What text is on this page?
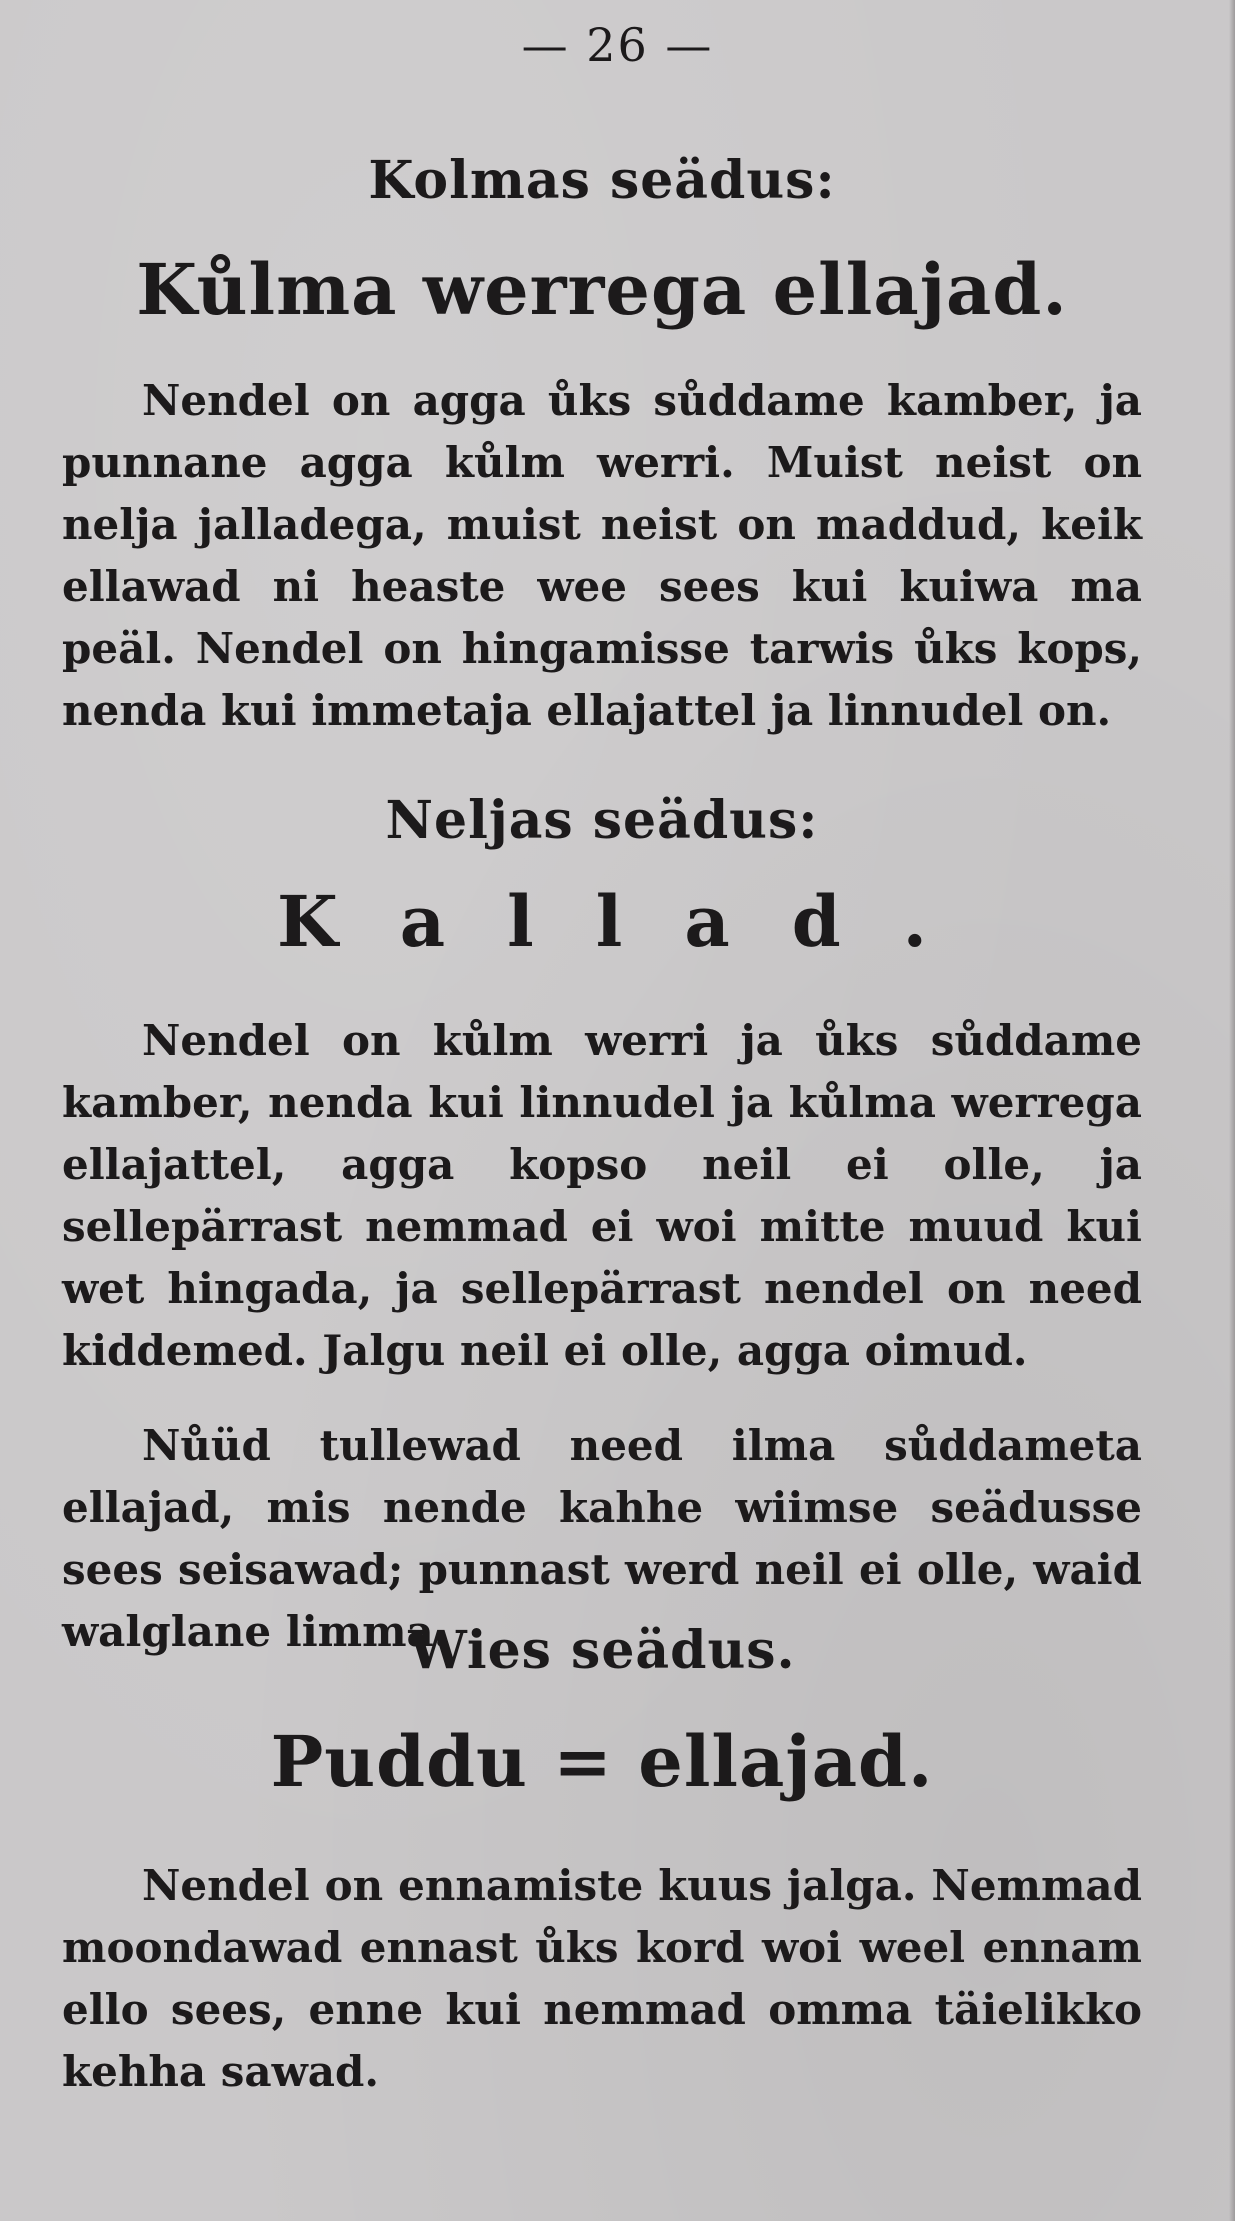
— 26 —
Kolmas seädus:
Kůlma werrega ellajad.

Nendel on agga ůks sůddame kamber, ja punnane agga kůlm werri. Muist neist on nelja jalladega, muist neist on maddud, keik ellawad ni heaste wee sees kui kuiwa ma peäl. Nendel on hingamisse tarwis ůks kops, nenda kui immetaja ellajattel ja linnudel on.

Neljas seädus:
Kallad.

Nendel on kůlm werri ja ůks sůddame kamber, nenda kui linnudel ja kůlma werrega ellajattel, agga kopso neil ei olle, ja sellepärrast nemmad ei woi mitte muud kui wet hingada, ja sellepärrast nendel on need kiddemed. Jalgu neil ei olle, agga oimud.

Nůüd tullewad need ilma sůddameta ellajad, mis nende kahhe wiimse seädusse sees seisawad; punnast werd neil ei olle, waid walglane limma.

Wies seädus.
Puddu = ellajad.

Nendel on ennamiste kuus jalga. Nemmad moondawad ennast ůks kord woi weel ennam ello sees, enne kui nemmad omma täielikko kehha sawad.
